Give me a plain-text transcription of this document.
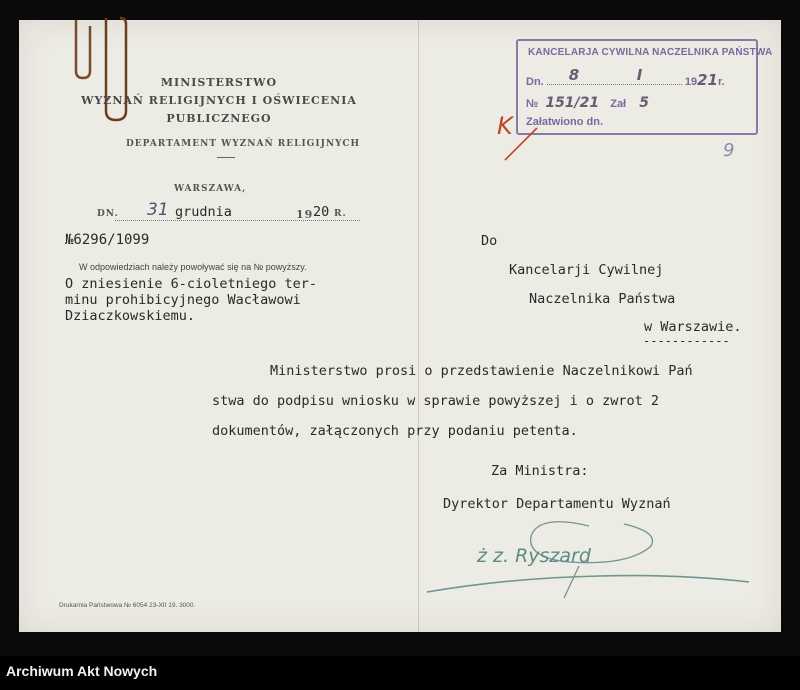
MINISTERSTWO
WYZNAŃ RELIGIJNYCH I OŚWIECENIA
PUBLICZNEGO
DEPARTAMENT WYZNAŃ RELIGIJNYCH
WARSZAWA,
DN. 31 grudnia	19 20 R.
№6296/1099
W odpowiedziach należy powoływać się na № powyższy.
O zniesienie 6-cioletniego ter-
minu prohibicyjnego Wacławowi
Dziaczkowskiemu.
Do
Kancelarji Cywilnej
Naczelnika Państwa
w Warszawie.
------------
Ministerstwo prosi o przedstawienie Naczelnikowi Pań
stwa do podpisu wniosku w sprawie powyższej i o zwrot 2
dokumentów, załączonych przy podaniu petenta.
Za Ministra:
Dyrektor Departamentu Wyznań
ż z. Ryszard
KANCELARJA CYWILNA NACZELNIKA PAŃSTWA
Dn. 8	I	1921r.
№ 151/21 Zał 5
Załatwiono dn.
K
9
Drukarnia Państwowa № 6054 23-XII 19. 3000.
Archiwum Akt Nowych
